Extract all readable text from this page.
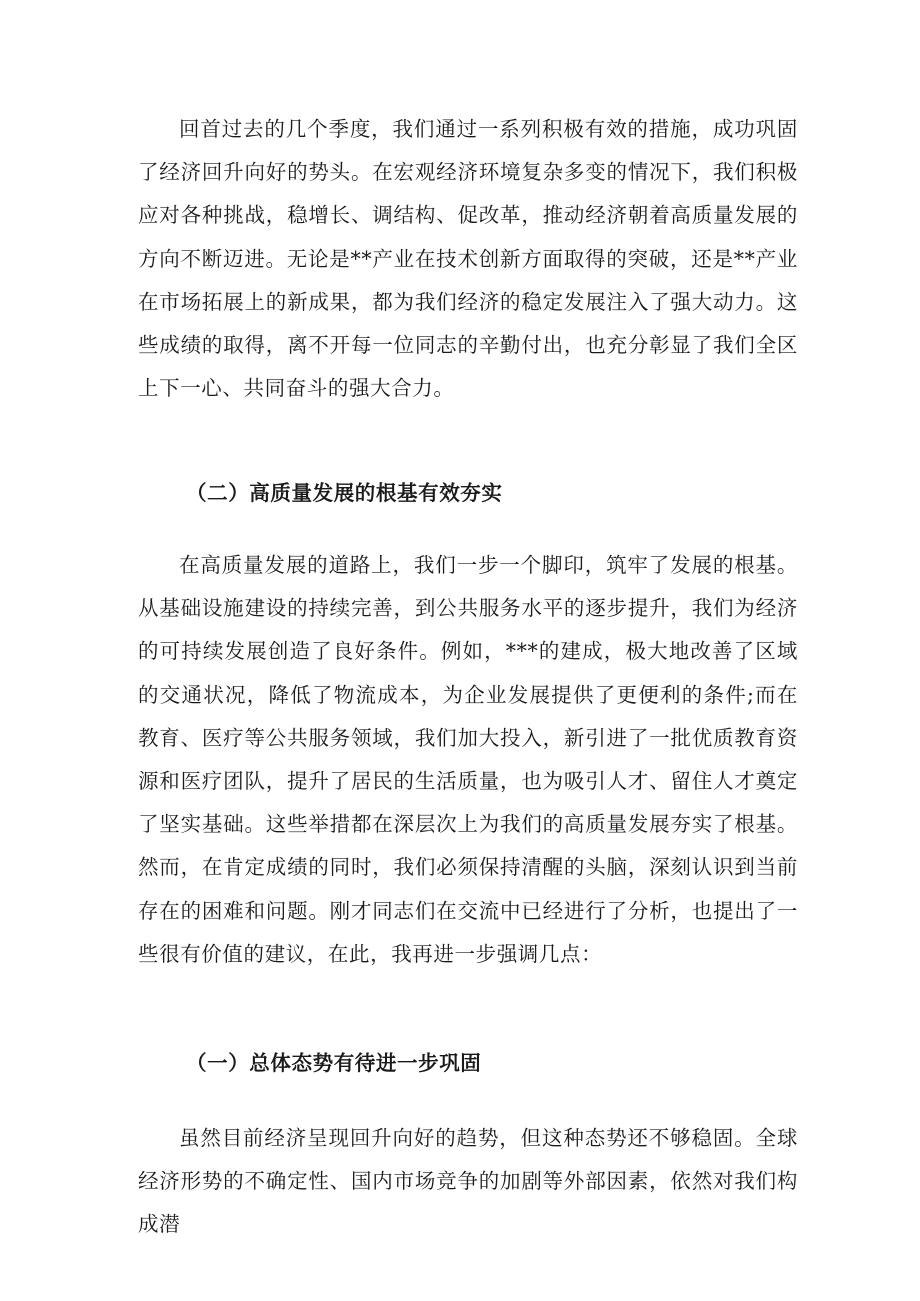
回首过去的几个季度，我们通过一系列积极有效的措施，成功巩固了经济回升向好的势头。在宏观经济环境复杂多变的情况下，我们积极应对各种挑战，稳增长、调结构、促改革，推动经济朝着高质量发展的方向不断迈进。无论是**产业在技术创新方面取得的突破，还是**产业在市场拓展上的新成果，都为我们经济的稳定发展注入了强大动力。这些成绩的取得，离不开每一位同志的辛勤付出，也充分彰显了我们全区上下一心、共同奋斗的强大合力。

（二）高质量发展的根基有效夯实

在高质量发展的道路上，我们一步一个脚印，筑牢了发展的根基。从基础设施建设的持续完善，到公共服务水平的逐步提升，我们为经济的可持续发展创造了良好条件。例如，***的建成，极大地改善了区域的交通状况，降低了物流成本，为企业发展提供了更便利的条件;而在教育、医疗等公共服务领域，我们加大投入，新引进了一批优质教育资源和医疗团队，提升了居民的生活质量，也为吸引人才、留住人才奠定了坚实基础。这些举措都在深层次上为我们的高质量发展夯实了根基。然而，在肯定成绩的同时，我们必须保持清醒的头脑，深刻认识到当前存在的困难和问题。刚才同志们在交流中已经进行了分析，也提出了一些很有价值的建议，在此，我再进一步强调几点：

（一）总体态势有待进一步巩固

虽然目前经济呈现回升向好的趋势，但这种态势还不够稳固。全球经济形势的不确定性、国内市场竞争的加剧等外部因素，依然对我们构成潜
